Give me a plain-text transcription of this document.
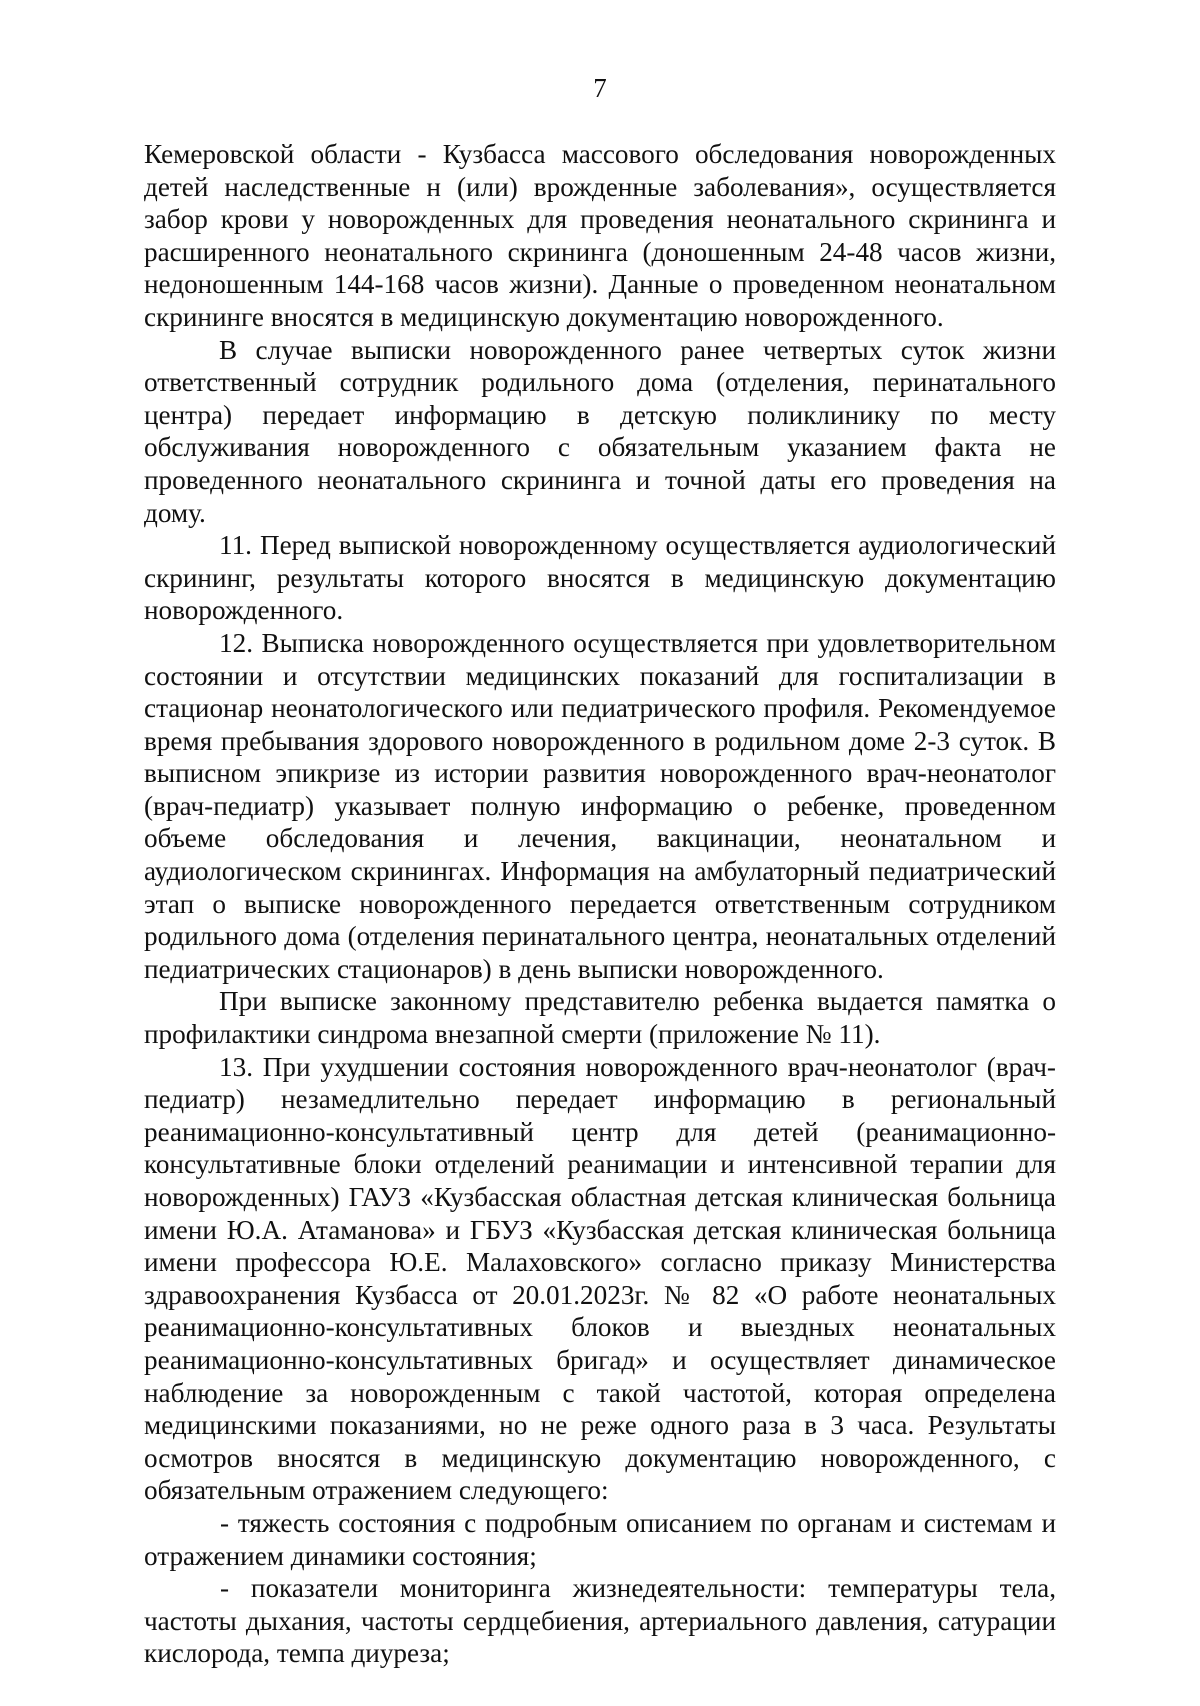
7

Кемеровской области - Кузбасса массового обследования новорожденных детей наследственные н (или) врожденные заболевания», осуществляется забор крови у новорожденных для проведения неонатального скрининга и расширенного неонатального скрининга (доношенным 24-48 часов жизни, недоношенным 144-168 часов жизни). Данные о проведенном неонатальном скрининге вносятся в медицинскую документацию новорожденного.

В случае выписки новорожденного ранее четвертых суток жизни ответственный сотрудник родильного дома (отделения, перинатального центра) передает информацию в детскую поликлинику по месту обслуживания новорожденного с обязательным указанием факта не проведенного неонатального скрининга и точной даты его проведения на дому.

11. Перед выпиской новорожденному осуществляется аудиологический скрининг, результаты которого вносятся в медицинскую документацию новорожденного.

12. Выписка новорожденного осуществляется при удовлетворительном состоянии и отсутствии медицинских показаний для госпитализации в стационар неонатологического или педиатрического профиля. Рекомендуемое время пребывания здорового новорожденного в родильном доме 2-3 суток. В выписном эпикризе из истории развития новорожденного врач-неонатолог (врач-педиатр) указывает полную информацию о ребенке, проведенном объеме обследования и лечения, вакцинации, неонатальном и аудиологическом скринингах. Информация на амбулаторный педиатрический этап о выписке новорожденного передается ответственным сотрудником родильного дома (отделения перинатального центра, неонатальных отделений педиатрических стационаров) в день выписки новорожденного.

При выписке законному представителю ребенка выдается памятка о профилактики синдрома внезапной смерти (приложение № 11).

13. При ухудшении состояния новорожденного врач-неонатолог (врач-педиатр) незамедлительно передает информацию в региональный реанимационно-консультативный центр для детей (реанимационно-консультативные блоки отделений реанимации и интенсивной терапии для новорожденных) ГАУЗ «Кузбасская областная детская клиническая больница имени Ю.А. Атаманова» и ГБУЗ «Кузбасская детская клиническая больница имени профессора Ю.Е. Малаховского» согласно приказу Министерства здравоохранения Кузбасса от 20.01.2023г. № 82 «О работе неонатальных реанимационно-консультативных блоков и выездных неонатальных реанимационно-консультативных бригад» и осуществляет динамическое наблюдение за новорожденным с такой частотой, которая определена медицинскими показаниями, но не реже одного раза в 3 часа. Результаты осмотров вносятся в медицинскую документацию новорожденного, с обязательным отражением следующего:

- тяжесть состояния с подробным описанием по органам и системам и отражением динамики состояния;

- показатели мониторинга жизнедеятельности: температуры тела, частоты дыхания, частоты сердцебиения, артериального давления, сатурации кислорода, темпа диуреза;
